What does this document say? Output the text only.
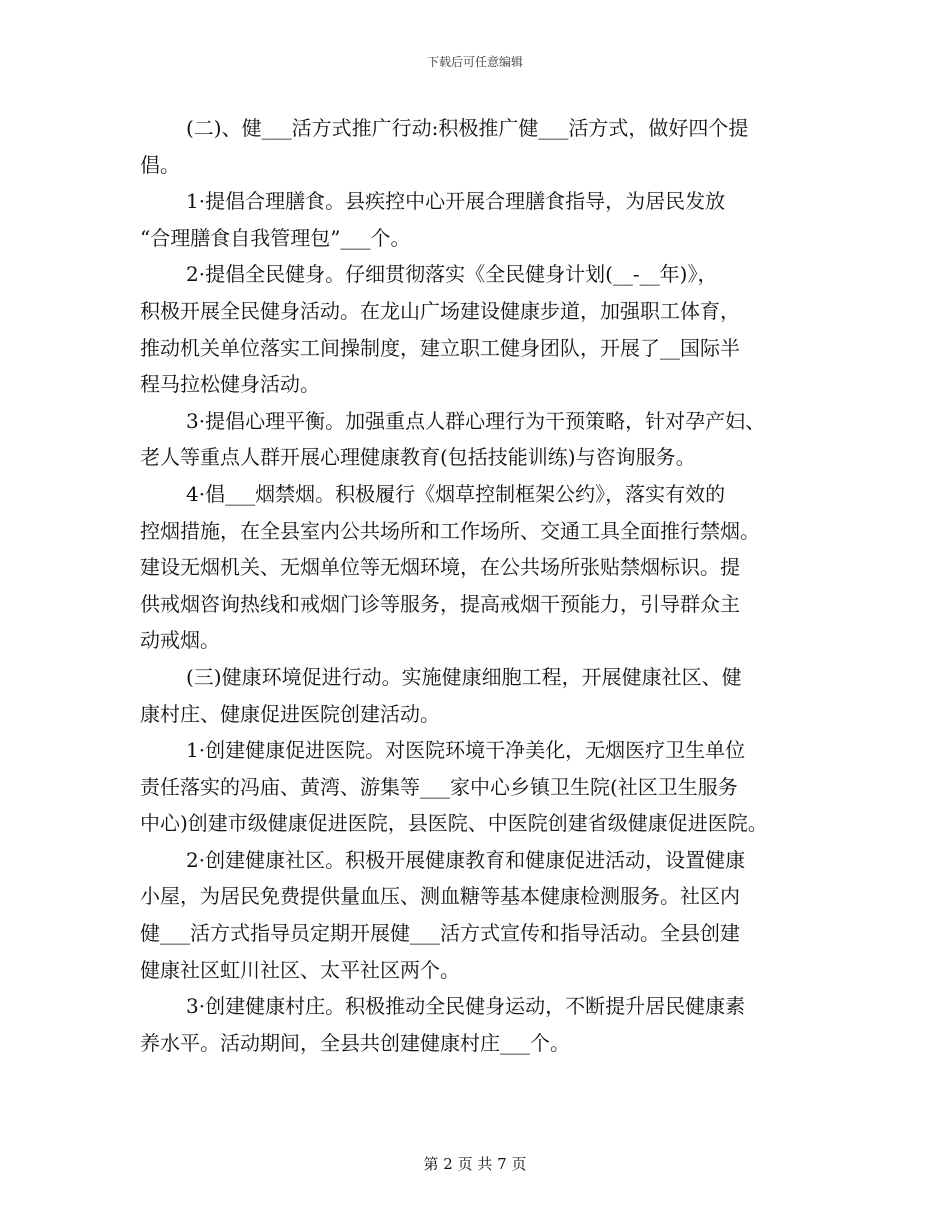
下载后可任意编辑
(二)、健___活方式推广行动:积极推广健___活方式，做好四个提
倡。
1·提倡合理膳食。县疾控中心开展合理膳食指导，为居民发放
“合理膳食自我管理包”___个。
2·提倡全民健身。仔细贯彻落实《全民健身计划(__-__年)》，
积极开展全民健身活动。在龙山广场建设健康步道，加强职工体育，
推动机关单位落实工间操制度，建立职工健身团队，开展了__国际半
程马拉松健身活动。
3·提倡心理平衡。加强重点人群心理行为干预策略，针对孕产妇、
老人等重点人群开展心理健康教育(包括技能训练)与咨询服务。
4·倡___烟禁烟。积极履行《烟草控制框架公约》，落实有效的
控烟措施，在全县室内公共场所和工作场所、交通工具全面推行禁烟。
建设无烟机关、无烟单位等无烟环境，在公共场所张贴禁烟标识。提
供戒烟咨询热线和戒烟门诊等服务，提高戒烟干预能力，引导群众主
动戒烟。
(三)健康环境促进行动。实施健康细胞工程，开展健康社区、健
康村庄、健康促进医院创建活动。
1·创建健康促进医院。对医院环境干净美化，无烟医疗卫生单位
责任落实的冯庙、黄湾、游集等___家中心乡镇卫生院(社区卫生服务
中心)创建市级健康促进医院，县医院、中医院创建省级健康促进医院。
2·创建健康社区。积极开展健康教育和健康促进活动，设置健康
小屋，为居民免费提供量血压、测血糖等基本健康检测服务。社区内
健___活方式指导员定期开展健___活方式宣传和指导活动。全县创建
健康社区虹川社区、太平社区两个。
3·创建健康村庄。积极推动全民健身运动，不断提升居民健康素
养水平。活动期间，全县共创建健康村庄___个。
第 2 页 共 7 页
